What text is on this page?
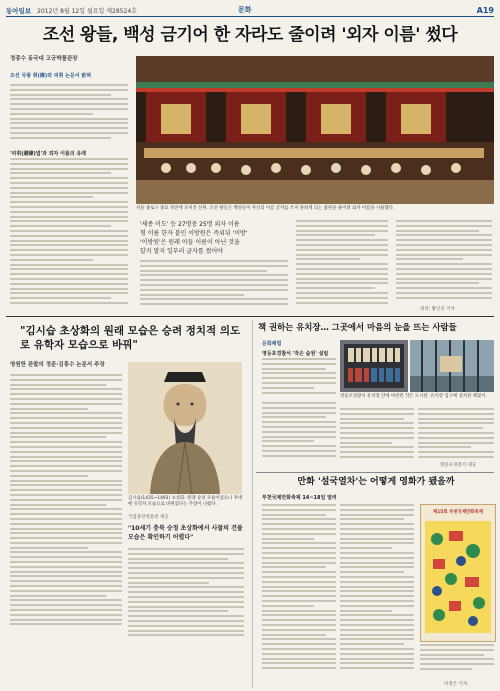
동아일보 2012년 8월 12일 월요일 제28524호	문화	A19
조선 왕들, 백성 금기어 한 자라도 줄이려 '외자 이름' 썼다
정종수 동국대 고궁박물관장
조선 국왕 휘(諱)와 피휘 논문서 밝혀
'피휘(避諱)법'과 외자 이름의 유래
서울 종로구 종묘 정전에 모셔진 신위. 조선 왕들은 백성들이 자신의 이름 글자를 쓰지 못하게 되는 불편을 줄이려 외자 이름을 사용했다.
'세종 이도' 등 27명중 25명 외자 이름
형 이름 한자 붙인 이방원은 즉위뒤 '이방'
'이방원'은 원래 아들 이름이 아닌 것을
알지 말지 일부러 글자를 썼어야
정리: 황인찬 기자
"김시습 초상화의 원래 모습은 승려 정치적 의도로 유학자 모습으로 바꿔"
영원한 관찰의 정준·김흥수 논문서 주장
김시습(1435~1493) 초상화. 원래 승려 모습이었으나 후대에 유학자 모습으로 바뀌었다는 주장이 나왔다.
국립중앙박물관 제공
"10세기 충북 승정 초상화에서 사찰의 건물 모습은 확인하기 어렵다"
책 권하는 유치장… 그곳에서 마음의 눈을 뜨는 사람들
문화체험
영등포경찰서 '작은 숲원' 설립
영등포경찰서 유치장 안에 마련된 작은 도서관. 유치장 입구에 설치된 책꽂이.
영등포경찰서 제공
만화 '설국열차'는 어떻게 영화가 됐을까
부천국제만화축제 14~18일 열려
제15회 부천국제만화축제
이정은 기자
